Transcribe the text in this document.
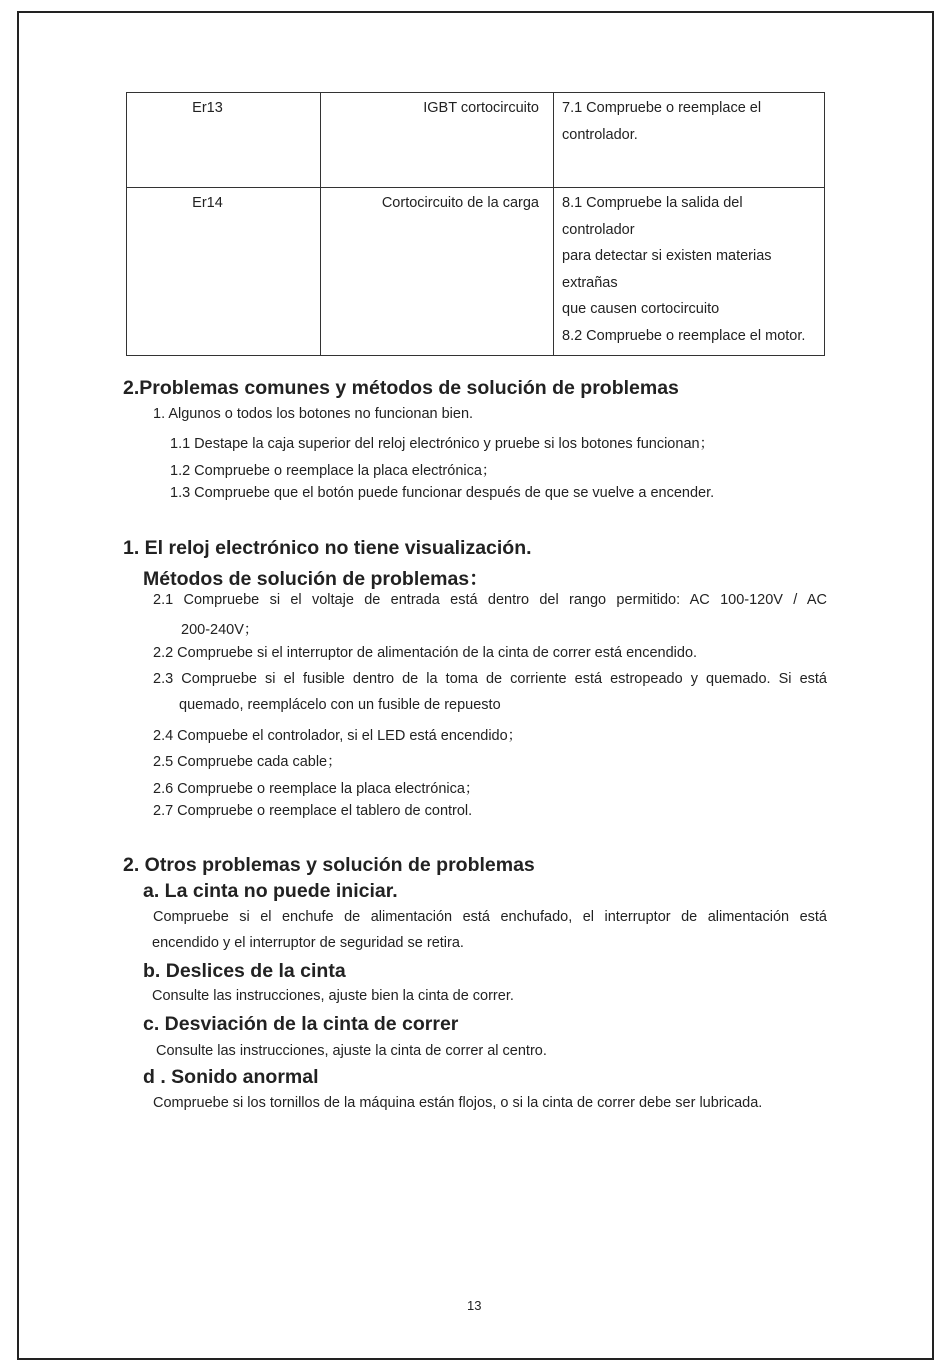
Er13	IGBT cortocircuito	7.1 Compruebe o reemplace el
controlador.

Er14	Cortocircuito de la carga	8.1 Compruebe la salida del controlador
para detectar si existen materias extrañas
que causen cortocircuito
8.2 Compruebe o reemplace el motor.
2.Problemas comunes y métodos de solución de problemas
1. Algunos o todos los botones no funcionan bien.
1.1 Destape la caja superior del reloj electrónico y pruebe si los botones funcionan；
1.2 Compruebe o reemplace la placa electrónica；
1.3 Compruebe que el botón puede funcionar después de que se vuelve a encender.
1. El reloj electrónico no tiene visualización.
Métodos de solución de problemas：
2.1 Compruebe si el voltaje de entrada está dentro del rango permitido: AC 100-120V / AC
200-240V；
2.2 Compruebe si el interruptor de alimentación de la cinta de correr está encendido.
2.3 Compruebe si el fusible dentro de la toma de corriente está estropeado y quemado. Si está
quemado, reemplácelo con un fusible de repuesto
2.4 Compuebe el controlador, si el LED está encendido；
2.5 Compruebe cada cable；
2.6 Compruebe o reemplace la placa electrónica；
2.7 Compruebe o reemplace el tablero de control.
2. Otros problemas y solución de problemas
a. La cinta no puede iniciar.
Compruebe si el enchufe de alimentación está enchufado, el interruptor de alimentación está
encendido y el interruptor de seguridad se retira.
b. Deslices de la cinta
Consulte las instrucciones, ajuste bien la cinta de correr.
c. Desviación de la cinta de correr
Consulte las instrucciones, ajuste la cinta de correr al centro.
d . Sonido anormal
Compruebe si los tornillos de la máquina están flojos, o si la cinta de correr debe ser lubricada.
13
